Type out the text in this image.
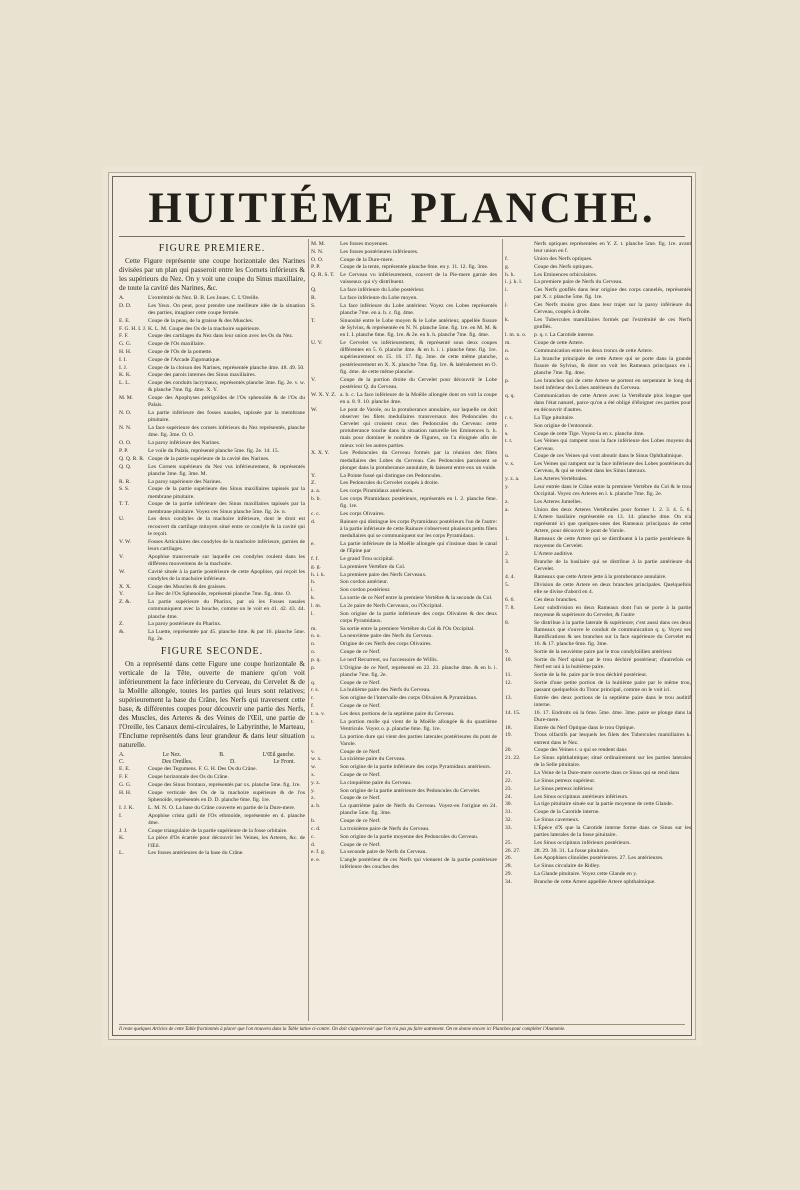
HUITIÉME PLANCHE.
FIGURE PREMIERE.
Cette Figure représente une coupe horizontale des Narines divisées par un plan qui passeroit entre les Cornets inférieurs & les supérieurs du Nez. On y voit une coupe du Sinus maxillaire, de toute la cavité des Narines, &c.
A.	L'extrémité du Nez. B. B. Les Joues. C. L'Oreille.
D. D.	Les Yeux. On peut, pour prendre une meilleure idée de la situation des parties, imaginer cette coupe fermée.
E. E.	Coupe de la peau, de la graisse & des Muscles.
F. G. H. I. J. K. L. M. Coupe des Os de la machoire supérieure.
F. F.	Coupe des cartilages du Nez dans leur union avec les Os du Nez.
G. G.	Coupe de l'Os maxillaire.
H. H.	Coupe de l'Os de la pomette.
I. I.	Coupe de l'Arcade Zigomatique.
I. J.	Coupe de la cloison des Narines, représentée planche 4me. 48. 49. 50.
K. K.	Coupe des parois internes des Sinus maxillaires.
L. L.	Coupe des conduits lacrymaux, représentés planche 3me. fig. 2e. v. w. & planche 7me. fig. 4me. X. Y.
M. M.	Coupe des Apophyses ptérigoïdes de l'Os sphenoïde & de l'Os du Palais.
N. O.	La partie inférieure des fosses nasales, tapissée par la membrane pituitaire.
N. N.	La face supérieure des cornets inférieurs du Nez représentés, planche 4me. fig. 3me. O. O.
O. O.	La paroy inférieure des Narines.
P. P.	Le voile du Palais, représenté planche 5me. fig. 2e. 14. 15.
Q. Q. R. R. Coupe de la partie supérieure de la cavité des Narines.
Q. Q.	Les Cornets supérieurs du Nez vus inférieurement, & représentés planche 3me. fig. 3me. M.
R. R.	La paroy supérieure des Narines.
S. S.	Coupe de la partie supérieure des Sinus maxillaires tapissés par la membrane pituitaire.
T. T.	Coupe de la partie inférieure des Sinus maxillaires tapissés par la membrane pituitaire. Voyez ces Sinus planche 5me. fig. 2e. n.
U.	Les deux condyles de la machoire inférieure, dont le droit est recouvert du cartilage mitoyen situé entre ce condyle & la cavité qui le reçoit.
V. W.	Fosses Articulaires des condyles de la machoire inférieure, garnies de leurs cartilages.
V.	Apophise transversale sur laquelle ces condyles roulent dans les différens mouvemens de la machoire.
W.	Cavité située à la partie postérieure de cette Apophise, qui reçoit les condyles de la machoire inférieure.
X. X.	Coupe des Muscles & des graisses.
Y.	Le Bec de l'Os Sphenoïde, représenté planche 7me. fig. 4me. O.
Z. &.	La partie supérieure du Pharinx, par où les Fosses nasales communiquent avec la bouche, comme on le voit en 41. 42. 43. 44. planche 4me.
Z.	La paroy postérieure du Pharinx.
&.	La Luette, représentée par 45. planche 4me. & par 16. planche 5me. fig. 2e.
FIGURE SECONDE.
On a représenté dans cette Figure une coupe horizontale & verticale de la Tête, ouverte de maniere qu'on voit inférieurement la face inférieure du Cerveau, du Cervelet & de la Moëlle allongée, toutes les parties qui leurs sont relatives; supérieurement la base du Crâne, les Nerfs qui traversent cette base, & différentes coupes pour découvrir une partie des Nerfs, des Muscles, des Arteres & des Veines de l'Œil, une partie de l'Oreille, les Canaux demi-circulaires, le Labyrinthe, le Marteau, l'Enclume représentés dans leur grandeur & dans leur situation naturelle.
A.	Le Nez.	B.	L'Œil gauche.
C.	Des Oreilles.	D.	Le Front.
E. E.	Coupe des Tegumens. F. G. H. Des Os du Crâne.
F. F.	Coupe horizontale des Os du Crâne.
G. G.	Coupe des Sinus frontaux, représentés par xx. planche 5me. fig. 1re.
H. H.	Coupe verticale des Os de la machoire supérieure & de l'os Sphenoïde, représentés en D. D. planche 6me. fig. 1re.
I. J. K.	L. M. N. O. La base du Crâne couverte en partie de la Dure-mere.
I.	Apophise crista galli de l'Os ethmoïde, représentée en d. planche 4me.
J. J.	Coupe triangulaire de la partie supérieure de la fosse orbitaire.
K.	La pièce d'Os écartée pour découvrir les Veines, les Arteres, &c. de l'Œil.
L.	Les fosses antérieures de la base du Crâne.
M. M.	Les fosses moyennes.
N. N.	Les fosses postérieures inférieures.
O. O.	Coupe de la Dure-mere.
P. P.	Coupe de la tente, représentée planche 6me. en y. 11. 12. fig. 3me.
Q. R. S. T. Le Cerveau vu inférieurement, couvert de la Pie-mere garnie des vaisseaux qui s'y distribuent.
Q.	La face inférieure du Lobe postérieur.
R.	La face inférieure du Lobe moyen.
S.	La face inférieure du Lobe antérieur. Voyez ces Lobes représentés planche 7me. en a. b. c. fig. 4me.
T.	Sinuosité entre le Lobe moyen & le Lobe antérieur, appellée fissure de Sylvius, & représentée en N. N. planche 5me. fig. 1re. en M. M. & en I. I. planche 6me. fig. 1re. & 2e. en h. h. planche 7me. fig. 4me.
U. V.	Le Cervelet vu inférieurement, & représenté sous deux coupes différentes en 5. 6. planche 4me. & en h. i. i. planche 6me. fig. 1re. supérieurement en 15. 16. 17. fig. 3me. de cette même planche, postérieurement en X. X. planche 7me. fig. 1re. & latéralement en O. fig. 4me. de cette même planche.
V.	Coupe de la portion droite du Cervelet pour découvrir le Lobe postérieur Q. du Cerveau.
W. X. Y. Z. a. b. c. La face inférieure de la Moëlle allongée dont on voit la coupe en a. 8. 9. 10. planche 4me.
W.	Le pont de Varole, ou la protuberance annulaire, sur laquelle on doit observer les filets medullaires transversaux des Pedoncules du Cervelet qui croisent ceux des Pedoncules du Cerveau: cette protuberance touche dans la situation naturelle les Eminences h. h. mais pour dominer le nombre de Figures, on l'a éloignée afin de mieux voir les autres parties.
X. X. Y.	Les Pedoncules du Cerveau formés par la réunion des filets medullaires des Lobes du Cerveau. Ces Pedoncules paroissent se plonger dans la protuberance annulaire, & laissent entre eux un vuide.
Y.	La Pointe fossé qui distingue ces Pedoncules.
Z.	Les Pedoncules du Cervelet coupés à droite.
a. a.	Les corps Piramidaux antérieurs.
b. b.	Les corps Piramidaux postérieurs, représentés en 1. 2. planche 6me. fig. 1re.
c. c.	Les corps Olivaires.
d.	Rainure qui distingue les corps Pyramidaux postérieurs l'un de l'autre: à la partie inférieure de cette Rainure s'observent plusieurs petits filets medullaires qui se communiquent sur les corps Pyramidaux.
e.	La partie inférieure de la Moëlle allongée qui s'insinue dans le canal de l'Epine par
f. f.	Le grand Trou occipital.
g. g.	La premiere Vertébre du Col.
h. i. k.	La premiere paire des Nerfs Cerveaux.
h.	Son cordon antérieur.
i.	Son cordon postérieur.
k.	La sortie de ce Nerf entre la premiere Vertébre & la seconde du Col.
l. m.	La 2e paire de Nerfs Cerveaux, ou l'Occipital.
l.	Son origine de la partie inférieure des corps Olivaires & des deux corps Pyramidaux.
m.	Sa sortie entre la premiere Vertébre du Col & l'Os Occipital.
n. o.	La neuvième paire des Nerfs du Cerveau.
n.	Origine de ces Nerfs des corps Olivaires.
o.	Coupe de ce Nerf.
p. q.	Le nerf Recurrent, ou l'accessoire de Willis.
p.	L'Origine de ce Nerf, représenté en 22. 23. planche 4me. & en b. i. planche 7me. fig. 2e.
q.	Coupe de ce Nerf.
r. s.	La huitième paire des Nerfs du Cerveau.
r.	Son origine de l'intervalle des corps Olivaires & Pyramidaux.
f.	Coupe de ce Nerf.
t. u. v.	Les deux portions de la septième paire du Cerveau.
t.	La portion molle qui vient de la Moëlle allongée & du quatrième Ventricule. Voyez o. p. planche 6me. fig. 1re.
u.	La portion dure qui vient des parties laterales postérieures du pont de Varole.
v.	Coupe de ce Nerf.
w. x.	La sixième paire du Cerveau.
w.	Son origine de la partie inférieure des corps Pyramidaux antérieurs.
x.	Coupe de ce Nerf.
y. z.	La cinquième paire du Cerveau.
y.	Son origine de la partie antérieure des Pedoncules du Cervelet.
z.	Coupe de ce Nerf.
a. b.	La quatrième paire de Nerfs du Cerveau. Voyez-en l'origine en 24. planche 5me. fig. 3me.
b.	Coupe de ce Nerf.
c. d.	La troisième paire de Nerfs du Cerveau.
c.	Son origine de la partie moyenne des Pedoncules du Cerveau.
d.	Coupe de ce Nerf.
e. f. g.	La seconde paire de Nerfs du Cerveau.
e. e.	L'angle postérieur de ces Nerfs qui viennent de la partie postérieure inférieure des couches des
Nerfs optiques représentées en Y. Z. t. planche 5me. fig. 1re. avant leur union en f.
f.	Union des Nerfs optiques.
g.	Coupe des Nerfs optiques.
h. h.	Les Eminences orbiculaires.
i. j. k. l.	La premiere paire de Nerfs du Cerveau.
i.	Ces Nerfs gonflés dans leur origine des corps cannelés, représentés par X. r. planche 5me. fig. 1re.
j.	Ces Nerfs moins gros dans leur trajet sur la paroy inférieure du Cerveau, coupés à droite.
k.	Les Tubercules mamillaires formés par l'extrémité de ces Nerfs gonflés.
l. m. n. o.	p. q. r. La Carotide interne.
m.	Coupe de cette Artere.
n.	Communication entre les deux troncs de cette Artere.
o.	La branche principale de cette Artere qui se porte dans la grande fissure de Sylvius, & dont on voit les Rameaux principaux en i. planche 7me. fig. 4me.
p.	Les branches qui de cette Artere se portent en serpentant le long du bord inférieur des Lobes antérieurs du Cerveau.
q. q.	Communication de cette Artere avec la Vertébrale plus longue que dans l'état naturel, parce qu'on a été obligé d'éloigner ces parties pour en découvrir d'autres.
r. s.	La Tige pituitaire.
r.	Son origine de l'entonnoir.
s.	Coupe de cette Tige. Voyez-la en x. planche 4me.
t. t.	Les Veines qui rampent sous la face inférieure des Lobes moyens du Cerveau.
u.	Coupe de ces Veines qui vont aboutir dans le Sinus Ophthalmique.
v. x.	Les Veines qui rampent sur la face inférieure des Lobes postérieurs du Cerveau, & qui se rendent dans les Sinus lateraux.
y. z. a.	Les Arteres Vertébrales.
y.	Leur entrée dans le Crâne entre la premiere Vertébre du Col & le trou Occipital. Voyez ces Arteres en l. k. planche 7me. fig. 2e.
z.	Les Arteres Jumelles.
a.	Union des deux Arteres Vertébrales pour former 1. 2. 3. 4. 5. 6. L'Artere basilaire représentée en 13. 14. planche 4me. On n'a représenté ici que quelques-unes des Rameaux principaux de cette Artere, pour découvrir le pont de Varole.
1.	Rameaux de cette Artere qui se distribuent à la partie postérieure & moyenne du Cervelet.
2.	L'Artere auditive.
3.	Branche de la basilaire qui se distribue à la partie antérieure du Cervelet.
4. 4.	Rameaux que cette Artere jette à la protuberance annulaire.
5.	Division de cette Artere en deux branches principales. Quelquefois elle se divise d'abord en 4.
6. 6.	Ces deux branches.
7. 8.	Leur subdivision en deux Rameaux dont l'un se porte à la partie moyenne & supérieure du Cervelet, & l'autre
8.	Se distribue à la partie laterale & supérieure; c'est aussi dans ces deux Rameaux que s'ouvre le conduit de communication q. q. Voyez ses Ramifications & ses branches sur la face supérieure du Cervelet en 16. & 17. planche 6me. fig. 3me.
9.	Sortie de la neuvième paire par le trou condyloïdien antérieur.
10.	Sortie du Nerf spinal par le trou déchiré postérieur; d'autrefois ce Nerf est uni à la huitième paire.
11.	Sortie de la 8e. paire par le trou déchiré postérieur.
12.	Sortie d'une petite portion de la huitième paire par le même trou, passant quelquefois du Tronc principal, comme on le voit ici.
13.	Entrée des deux portions de la septième paire dans le trou auditif interne.
14. 15.	16. 17. Endroits où la 6me. 5me. 4me. 3me. paire se plonge dans la Dure-mere.
18.	Entrée du Nerf Optique dans le trou Optique.
19.	Trous olfactifs par lesquels les filets des Tubercules mamillaires k. entrent dans le Nez.
20.	Coupe des Veines t. u qui se rendent dans
21. 22.	Le Sinus ophthalmique; situé ordinairement sur les parties laterales de la Selle pituitaire.
21.	La Veine de la Dure-mere ouverte dans ce Sinus qui se rend dans
22.	Le Sinus petreux supérieur.
23.	Le Sinus petreux inférieur.
24.	Les Sinus occipitaux antérieurs inférieurs.
30.	La tige pituitaire située sur la partie moyenne de cette Glande.
31.	Coupe de la Carotide interne.
32.	Le Sinus caverneux.
33.	L'Épéce d'X que la Carotide interne forme dans ce Sinus sur les parties laterales de la fosse pituitaire.
25.	Les Sinus occipitaux inférieurs postérieurs.
26. 27.	28. 29. 30. 31. La fosse pituitaire.
26.	Les Apophises clinoïdes postérieures. 27. Les antérieures.
28.	Le Sinus circulaire de Ridley.
29.	La Glande pituitaire. Voyez cette Glande en y.
34.	Branche de cette Artere appellée Artere ophthalmique.
Il reste quelques Articles de cette Table fractionnés à placer que l'on trouvera dans la Table latine ci-contre. On doit s'appercevoir que l'on n'a pas pu faire autrement. On ne donne encore ici Planches pour compléter l'Anatomie.
